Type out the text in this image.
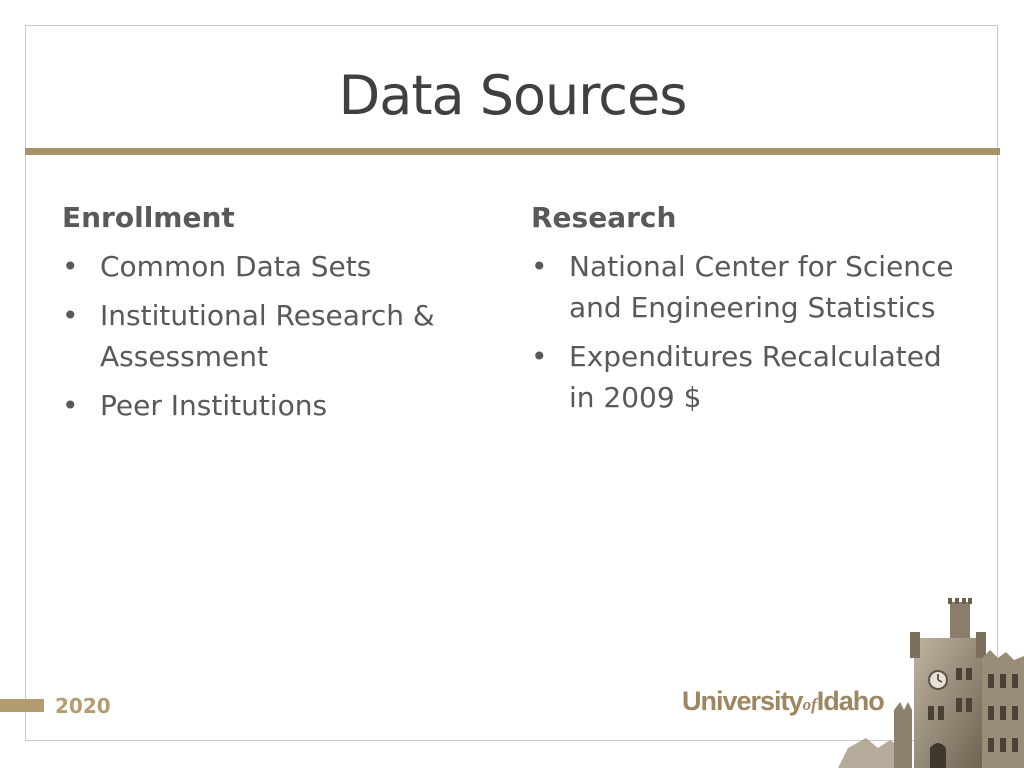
Data Sources
Enrollment
• Common Data Sets
• Institutional Research & Assessment
• Peer Institutions
Research
• National Center for Science and Engineering Statistics
• Expenditures Recalculated in 2009 $
2020	UniversityofIdaho
